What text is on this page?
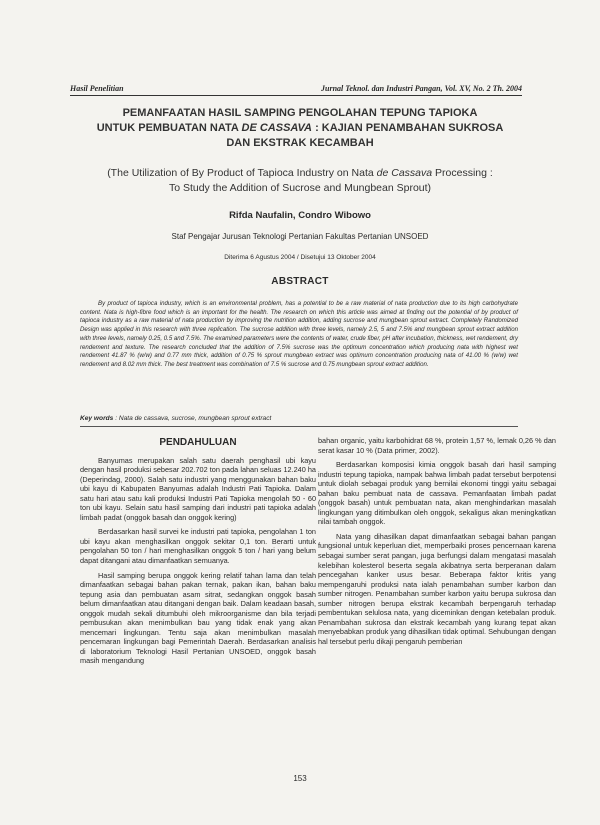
Hasil Penelitian	Jurnal Teknol. dan Industri Pangan, Vol. XV, No. 2 Th. 2004
PEMANFAATAN HASIL SAMPING PENGOLAHAN TEPUNG TAPIOKA
UNTUK PEMBUATAN NATA DE CASSAVA : KAJIAN PENAMBAHAN SUKROSA
DAN EKSTRAK KECAMBAH
(The Utilization of By Product of Tapioca Industry on Nata de Cassava Processing :
To Study the Addition of Sucrose and Mungbean Sprout)
Rifda Naufalin, Condro Wibowo
Staf Pengajar Jurusan Teknologi Pertanian Fakultas Pertanian UNSOED
Diterima 6 Agustus 2004 / Disetujui 13 Oktober 2004
ABSTRACT

By product of tapioca industry, which is an environmental problem, has a potential to be a raw material of nata production due to its high carbohydrate content. Nata is high-fibre food which is an important for the health. The research on which this article was aimed at finding out the potential of by product of tapioca industry as a raw material of nata production by improving the nutrition addition, adding sucrose and mungbean sprout extract. Completely Randomized Design was applied in this research with three replication. The sucrose addition with three levels, namely 2.5, 5 and 7.5% and mungbean sprout extract addition with three levels, namely 0.25, 0.5 and 7.5%. The examined parameters were the contents of water, crude fiber, pH after incubation, thickness, wet rendement, dry rendement and texture. The research concluded that the addition of 7.5% sucrose was the optimum concentration which producing nata with highest wet rendement 41.87 % (w/w) and 0.77 mm thick, addition of 0.75 % sprout mungbean extract was optimum concentration producing nata of 41.00 % (w/w) wet rendement and 8.02 mm thick. The best treatment was combination of 7.5 % sucrose and 0.75 mungbean sprout extract addition.

Key words : Nata de cassava, sucrose, mungbean sprout extract
PENDAHULUAN

Banyumas merupakan salah satu daerah penghasil ubi kayu dengan hasil produksi sebesar 202.702 ton pada lahan seluas 12.240 ha (Deperindag, 2000). Salah satu industri yang menggunakan bahan baku ubi kayu di Kabupaten Banyumas adalah Industri Pati Tapioka. Dalam satu hari atau satu kali produksi Industri Pati Tapioka mengolah 50 - 60 ton ubi kayu. Selain satu hasil samping dari industri pati tapioka adalah limbah padat (onggok basah dan onggok kering)

Berdasarkan hasil survei ke industri pati tapioka, pengolahan 1 ton ubi kayu akan menghasilkan onggok sekitar 0,1 ton. Berarti untuk pengolahan 50 ton / hari menghasilkan onggok 5 ton / hari yang belum dapat ditangani atau dimanfaatkan semuanya.

Hasil samping berupa onggok kering relatif tahan lama dan telah dimanfaatkan sebagai bahan pakan ternak, pakan ikan, bahan baku tepung asia dan pembuatan asam sitrat, sedangkan onggok basah belum dimanfaatkan atau ditangani dengan baik. Dalam keadaan basah, onggok mudah sekali ditumbuhi oleh mikroorganisme dan bila terjadi pembusukan akan menimbulkan bau yang tidak enak yang akan mencemari lingkungan. Tentu saja akan menimbulkan masalah pencemaran lingkungan bagi Pemerintah Daerah. Berdasarkan analisis di laboratorium Teknologi Hasil Pertanian UNSOED, onggok basah masih mengandung

bahan organic, yaitu karbohidrat 68 %, protein 1,57 %, lemak 0,26 % dan serat kasar 10 % (Data primer, 2002).

Berdasarkan komposisi kimia onggok basah dari hasil samping industri tepung tapioka, nampak bahwa limbah padat tersebut berpotensi untuk diolah sebagai produk yang bernilai ekonomi tinggi yaitu sebagai bahan baku pembuat nata de cassava. Pemanfaatan limbah padat (onggok basah) untuk pembuatan nata, akan menghindarkan masalah lingkungan yang ditimbulkan oleh onggok, sekaligus akan meningkatkan nilai tambah onggok.

Nata yang dihasilkan dapat dimanfaatkan sebagai bahan pangan fungsional untuk keperluan diet, memperbaiki proses pencernaan karena sebagai sumber serat pangan, juga berfungsi dalam mengatasi masalah kelebihan kolesterol beserta segala akibatnya serta berperanan dalam pencegahan kanker usus besar. Beberapa faktor kritis yang mempengaruhi produksi nata ialah penambahan sumber karbon dan sumber nitrogen. Penambahan sumber karbon yaitu berupa sukrosa dan sumber nitrogen berupa ekstrak kecambah berpengaruh terhadap pembentukan selulosa nata, yang diceminkan dengan ketebalan produk. Penambahan sukrosa dan ekstrak kecambah yang kurang tepat akan menyebabkan produk yang dihasilkan tidak optimal. Sehubungan dengan hal tersebut perlu dikaji pengaruh pemberian

153
